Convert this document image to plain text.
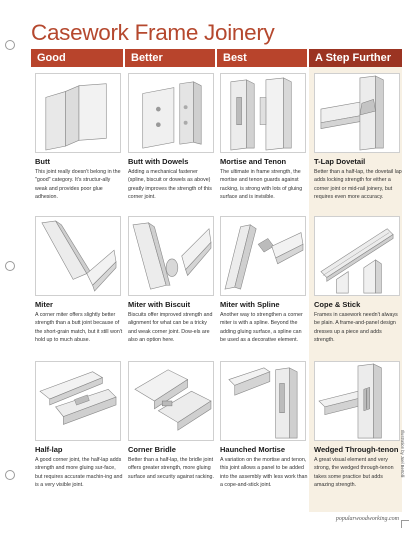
Casework Frame Joinery
Good	Better	Best	A Step Further
Butt
This joint really doesn't belong in the "good" category. It's structur-ally weak and provides poor glue adhesion.
Butt with Dowels
Adding a mechanical fastener (spline, biscuit or dowels as above) greatly improves the strength of this corner joint.
Mortise and Tenon
The ultimate in frame strength, the mortise and tenon guards against racking, is strong with lots of gluing surface and is invisible.
T-Lap Dovetail
Better than a half-lap, the dovetail lap adds locking strength for either a corner joint or mid-rail joinery, but requires even more accuracy.
Miter
A corner miter offers slightly better strength than a butt joint because of the short-grain match, but it still won't hold up to much abuse.
Miter with Biscuit
Biscuits offer improved strength and alignment for what can be a tricky and weak corner joint. Dow-els are also an option here.
Miter with Spline
Another way to strengthen a corner miter is with a spline. Beyond the adding gluing surface, a spline can be used as a decorative element.
Cope & Stick
Frames in casework needn't always be plain. A frame-and-panel design dresses up a piece and adds strength.
Half-lap
A good corner joint, the half-lap adds strength and more gluing sur-face, but requires accurate machin-ing and is a very visible joint.
Corner Bridle
Better than a half-lap, the bridle joint offers greater strength, more gluing surface and security against racking.
Haunched Mortise
A variation on the mortise and tenon, this joint allows a panel to be added into the assembly with less work than a cope-and-stick joint.
Wedged Through-tenon
A great visual element and very strong, the wedged through-tenon takes some practice but adds amazing strength.
Illustration by Joel Bertolli
popularwoodworking.com
